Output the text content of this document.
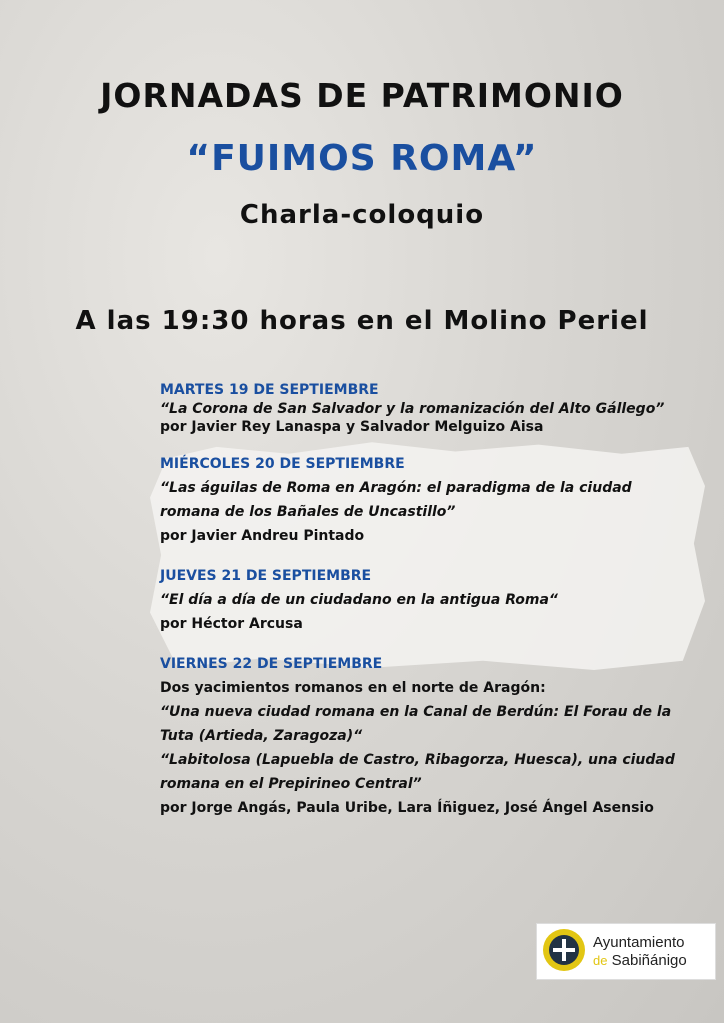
JORNADAS DE PATRIMONIO
“FUIMOS ROMA”
Charla-coloquio
A las 19:30 horas en el Molino Periel

MARTES 19 DE SEPTIEMBRE

“La Corona de San Salvador y la romanización del Alto Gállego”

por Javier Rey Lanaspa y Salvador Melguizo Aisa

MIÉRCOLES 20 DE SEPTIEMBRE

“Las águilas de Roma en Aragón: el paradigma de la ciudad

romana de los Bañales de Uncastillo”

por Javier Andreu Pintado

JUEVES 21 DE SEPTIEMBRE

“El día a día de un ciudadano en la antigua Roma“

por Héctor Arcusa

VIERNES 22 DE SEPTIEMBRE

Dos yacimientos romanos en el norte de Aragón:

“Una nueva ciudad romana en la Canal de Berdún: El Forau de la

Tuta (Artieda, Zaragoza)“

“Labitolosa (Lapuebla de Castro, Ribagorza, Huesca), una ciudad

romana en el Prepirineo Central”

por Jorge Angás, Paula Uribe, Lara Íñiguez, José Ángel Asensio

Ayuntamiento
de Sabiñánigo
